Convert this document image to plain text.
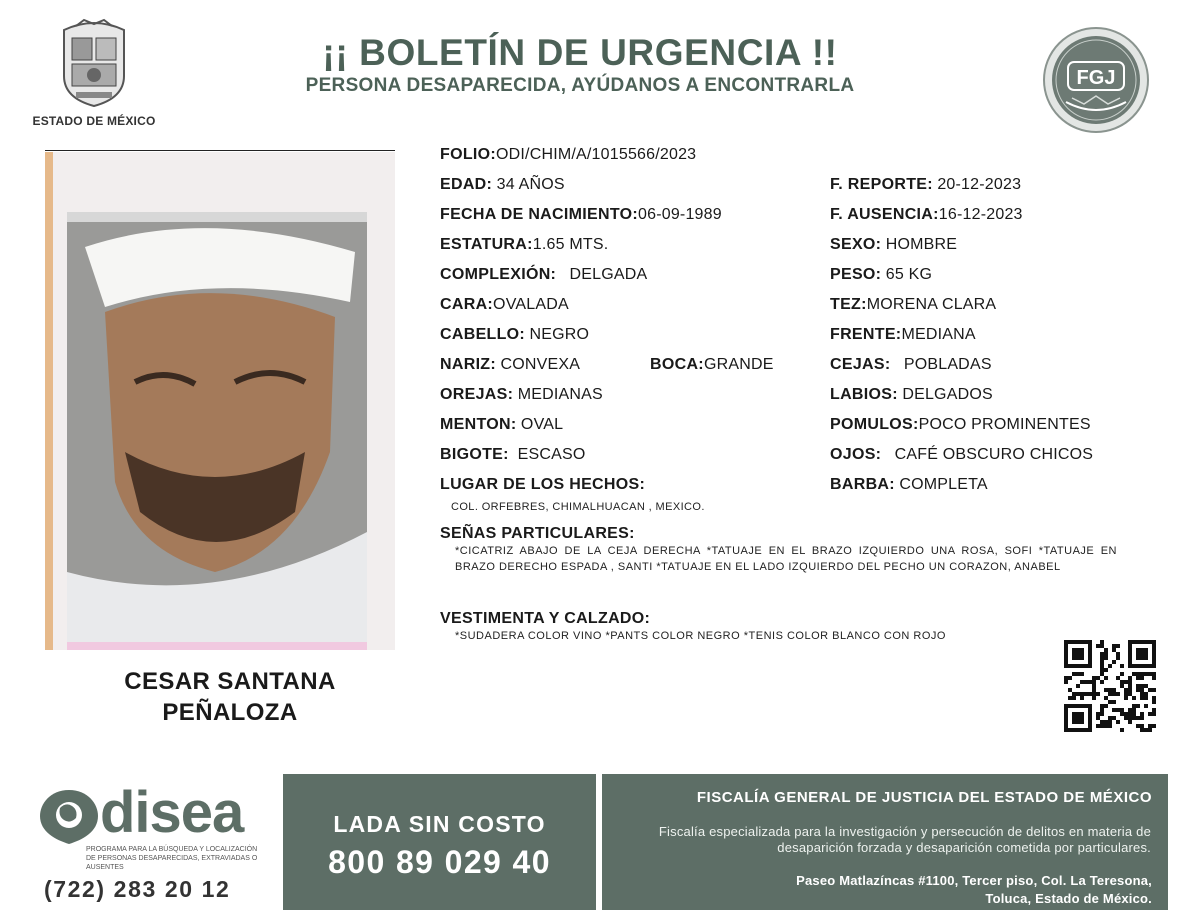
ESTADO DE MÉXICO
¡¡ BOLETÍN DE URGENCIA !!
PERSONA DESAPARECIDA, AYÚDANOS A ENCONTRARLA	FGJ
CESAR SANTANA
PEÑALOZA
FOLIO:ODI/CHIM/A/1015566/2023
EDAD: 34 AÑOS
FECHA DE NACIMIENTO:06-09-1989
ESTATURA:1.65 MTS.
COMPLEXIÓN: DELGADA
CARA:OVALADA
CABELLO: NEGRO
NARIZ: CONVEXA	BOCA:GRANDE
OREJAS: MEDIANAS
MENTON: OVAL
BIGOTE: ESCASO
LUGAR DE LOS HECHOS:
COL. ORFEBRES, CHIMALHUACAN , MEXICO.
F. REPORTE: 20-12-2023
F. AUSENCIA:16-12-2023
SEXO: HOMBRE
PESO: 65 KG
TEZ:MORENA CLARA
FRENTE:MEDIANA
CEJAS: POBLADAS
LABIOS: DELGADOS
POMULOS:POCO PROMINENTES
OJOS: CAFÉ OBSCURO CHICOS
BARBA: COMPLETA
SEÑAS PARTICULARES:
*CICATRIZ ABAJO DE LA CEJA DERECHA *TATUAJE EN EL BRAZO IZQUIERDO UNA ROSA, SOFI *TATUAJE EN BRAZO DERECHO ESPADA , SANTI *TATUAJE EN EL LADO IZQUIERDO DEL PECHO UN CORAZON, ANABEL
VESTIMENTA Y CALZADO:
*SUDADERA COLOR VINO *PANTS COLOR NEGRO *TENIS COLOR BLANCO CON ROJO
disea
PROGRAMA PARA LA BÚSQUEDA Y LOCALIZACIÓN DE PERSONAS DESAPARECIDAS, EXTRAVIADAS O AUSENTES
(722) 283 20 12
LADA SIN COSTO
800 89 029 40
FISCALÍA GENERAL DE JUSTICIA DEL ESTADO DE MÉXICO
Fiscalía especializada para la investigación y persecución de delitos en materia de desaparición forzada y desaparición cometida por particulares.
Paseo Matlazíncas #1100, Tercer piso, Col. La Teresona,
Toluca, Estado de México.
